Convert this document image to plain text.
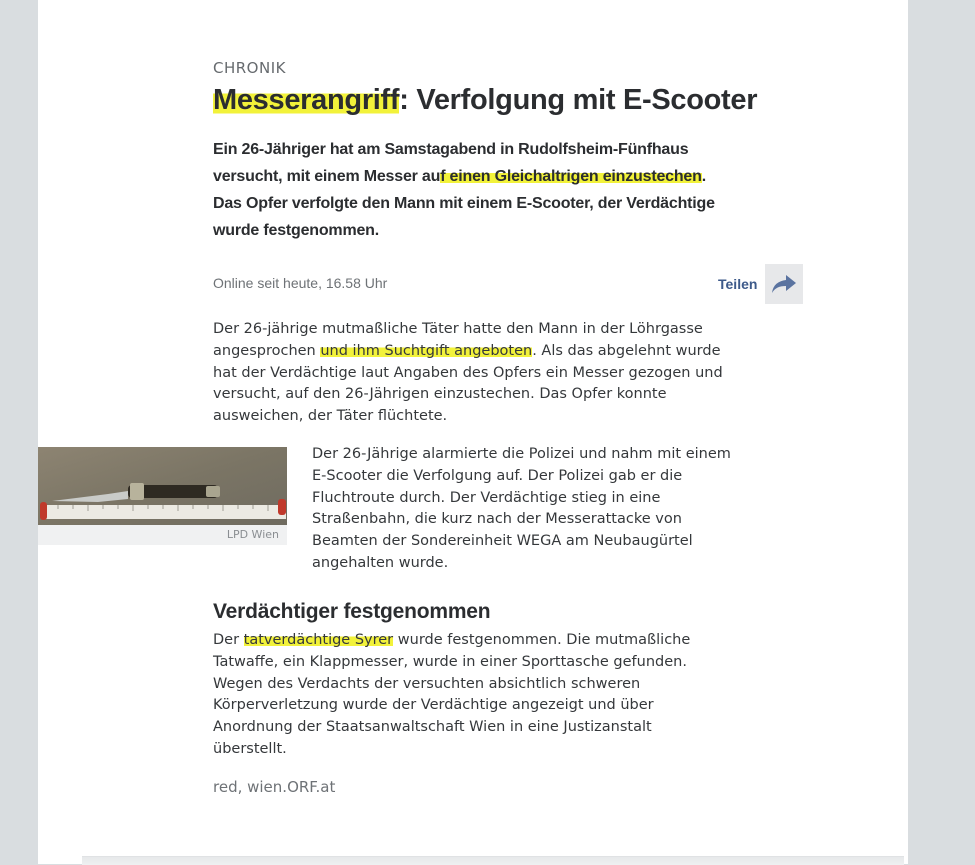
CHRONIK
Messerangriff: Verfolgung mit E-Scooter

Ein 26-Jähriger hat am Samstagabend in Rudolfsheim-Fünfhaus versucht, mit einem Messer auf einen Gleichaltrigen einzustechen. Das Opfer verfolgte den Mann mit einem E-Scooter, der Verdächtige wurde festgenommen.

Online seit heute, 16.58 Uhr	Teilen

Der 26-jährige mutmaßliche Täter hatte den Mann in der Löhrgasse angesprochen und ihm Suchtgift angeboten. Als das abgelehnt wurde hat der Verdächtige laut Angaben des Opfers ein Messer gezogen und versucht, auf den 26-Jährigen einzustechen. Das Opfer konnte ausweichen, der Täter flüchtete.

LPD Wien

Der 26-Jährige alarmierte die Polizei und nahm mit einem E-Scooter die Verfolgung auf. Der Polizei gab er die Fluchtroute durch. Der Verdächtige stieg in eine Straßenbahn, die kurz nach der Messerattacke von Beamten der Sondereinheit WEGA am Neubaugürtel angehalten wurde.

Verdächtiger festgenommen

Der tatverdächtige Syrer wurde festgenommen. Die mutmaßliche Tatwaffe, ein Klappmesser, wurde in einer Sporttasche gefunden. Wegen des Verdachts der versuchten absichtlich schweren Körperverletzung wurde der Verdächtige angezeigt und über Anordnung der Staatsanwaltschaft Wien in eine Justizanstalt überstellt.

red, wien.ORF.at
